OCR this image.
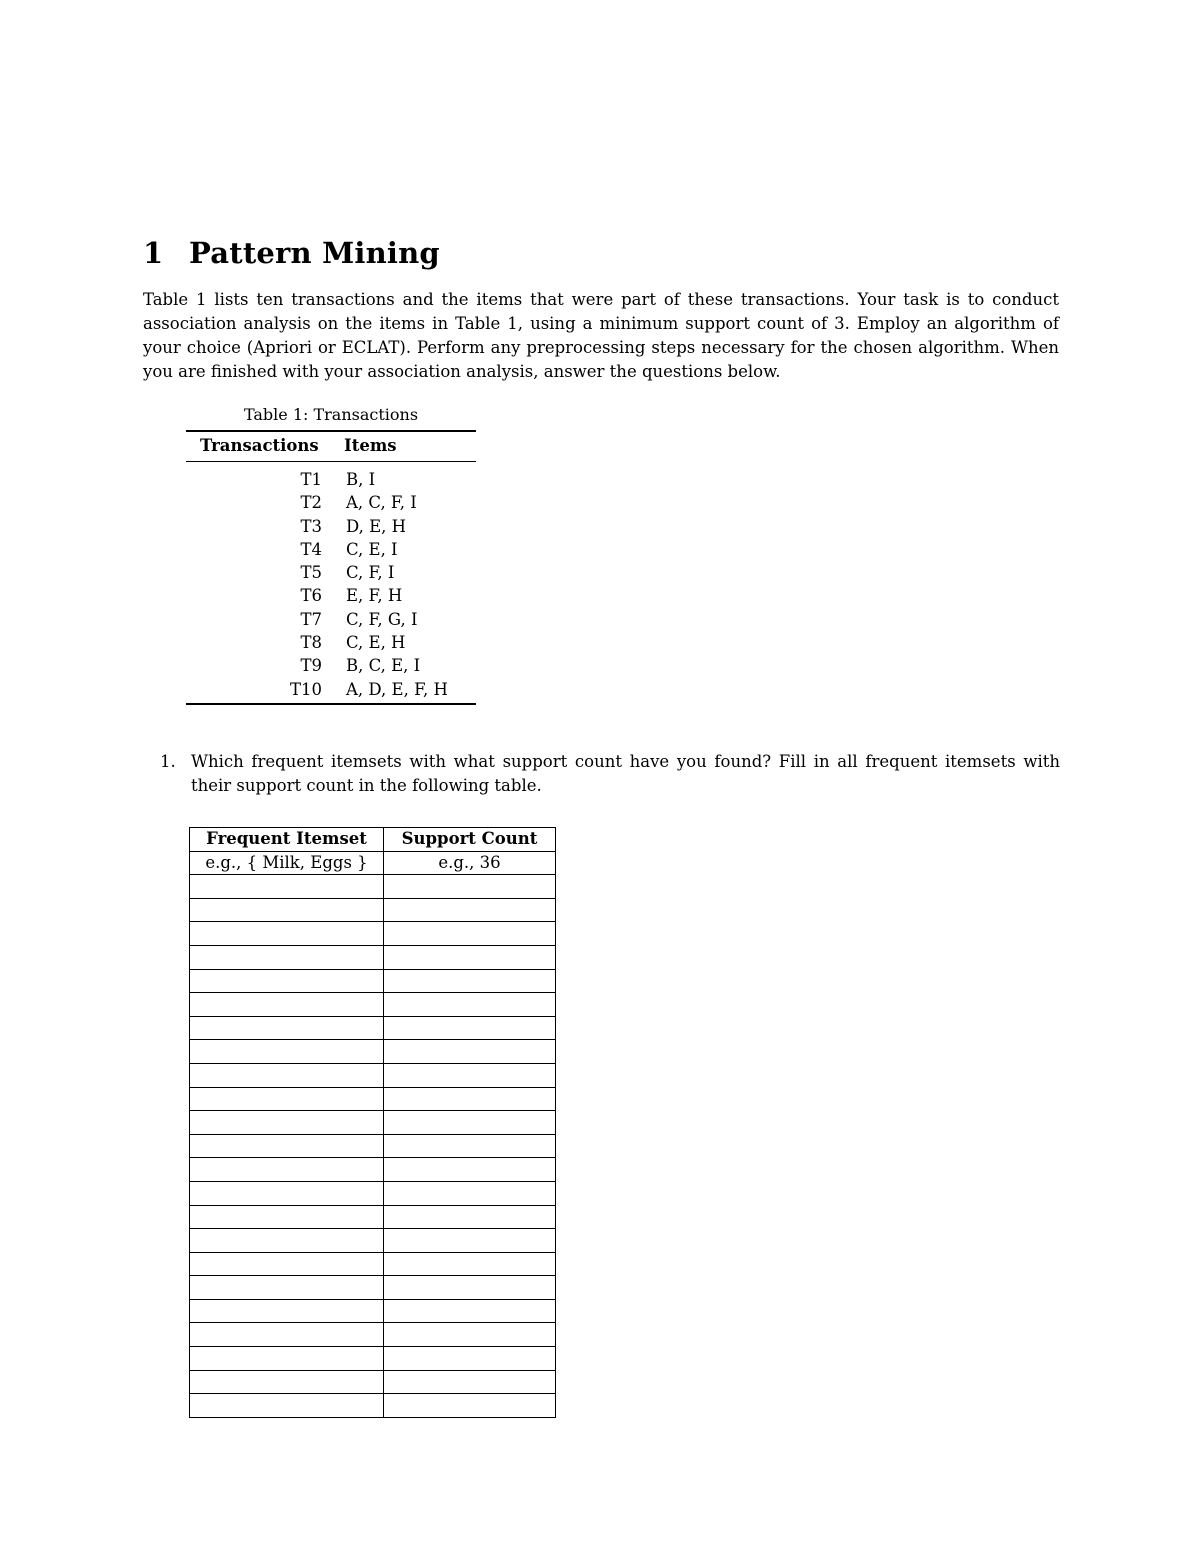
1 Pattern Mining

Table 1 lists ten transactions and the items that were part of these transactions. Your task is to conduct
association analysis on the items in Table 1, using a minimum support count of 3. Employ an algorithm of
your choice (Apriori or ECLAT). Perform any preprocessing steps necessary for the chosen algorithm. When
you are finished with your association analysis, answer the questions below.

Table 1: Transactions

Transactions	Items
T1	B, I
T2	A, C, F, I
T3	D, E, H
T4	C, E, I
T5	C, F, I
T6	E, F, H
T7	C, F, G, I
T8	C, E, H
T9	B, C, E, I
T10	A, D, E, F, H
1. Which frequent itemsets with what support count have you found? Fill in all frequent itemsets with
their support count in the following table.
Frequent Itemset	Support Count
e.g., { Milk, Eggs }	e.g., 36
